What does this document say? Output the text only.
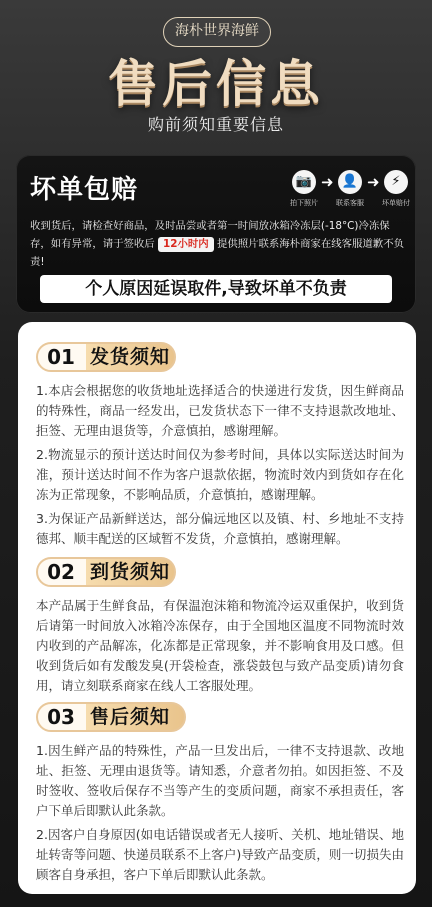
海朴世界海鲜
售后信息
购前须知重要信息
坏单包赔	📷
拍下照片
➜ 👤
联系客服
➜ ⚡
坏单赔付
收到货后，请检查好商品，及时品尝或者第一时间放冰箱冷冻层(-18°C)冷冻保存，如有异常，请于签收后 12小时内 提供照片联系海朴商家在线客服道歉不负责!
个人原因延误取件,导致坏单不负责
01 发货须知
1.本店会根据您的收货地址选择适合的快递进行发货，因生鲜商品的特殊性，商品一经发出，已发货状态下一律不支持退款改地址、拒签、无理由退货等，介意慎拍，感谢理解。
2.物流显示的预计送达时间仅为参考时间，具体以实际送达时间为准，预计送达时间不作为客户退款依据，物流时效内到货如存在化冻为正常现象，不影响品质，介意慎拍，感谢理解。
3.为保证产品新鲜送达，部分偏远地区以及镇、村、乡地址不支持德邦、顺丰配送的区域暂不发货，介意慎拍，感谢理解。
02 到货须知
本产品属于生鲜食品，有保温泡沫箱和物流冷运双重保护，收到货后请第一时间放入冰箱冷冻保存，由于全国地区温度不同物流时效内收到的产品解冻，化冻都是正常现象，并不影响食用及口感。但收到货后如有发酸发臭(开袋检查，涨袋鼓包与致产品变质)请勿食用，请立刻联系商家在线人工客服处理。
03 售后须知
1.因生鲜产品的特殊性，产品一旦发出后，一律不支持退款、改地址、拒签、无理由退货等。请知悉，介意者勿拍。如因拒签、不及时签收、签收后保存不当等产生的变质问题，商家不承担责任，客户下单后即默认此条款。
2.因客户自身原因(如电话错误或者无人接听、关机、地址错误、地址转寄等问题、快递员联系不上客户)导致产品变质，则一切损失由顾客自身承担，客户下单后即默认此条款。
